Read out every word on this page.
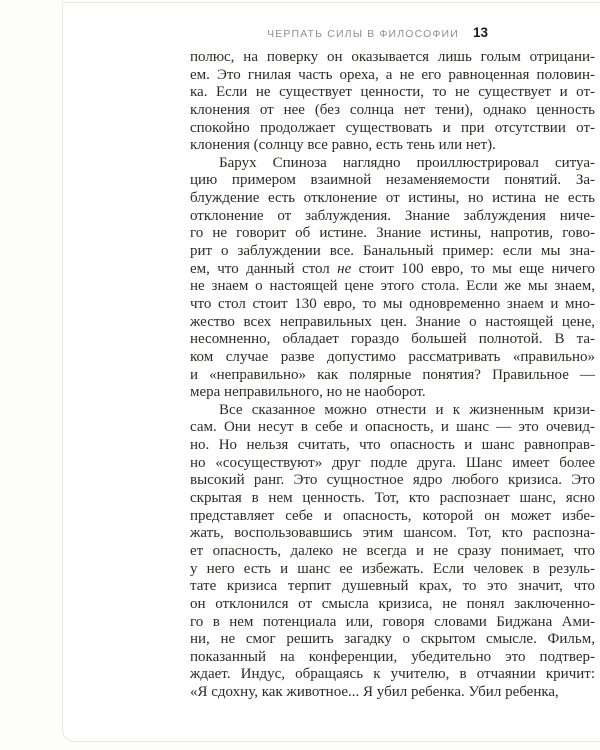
ЧЕРПАТЬ СИЛЫ В ФИЛОСОФИИ 13
полюс, на поверку он оказывается лишь голым отрицани-
ем. Это гнилая часть ореха, а не его равноценная половин-
ка. Если не существует ценности, то не существует и от-
клонения от нее (без солнца нет тени), однако ценность
спокойно продолжает существовать и при отсутствии от-
клонения (солнцу все равно, есть тень или нет).
Барух Спиноза наглядно проиллюстрировал ситуа-
цию примером взаимной незаменяемости понятий. За-
блуждение есть отклонение от истины, но истина не есть
отклонение от заблуждения. Знание заблуждения ниче-
го не говорит об истине. Знание истины, напротив, гово-
рит о заблуждении все. Банальный пример: если мы зна-
ем, что данный стол не стоит 100 евро, то мы еще ничего
не знаем о настоящей цене этого стола. Если же мы знаем,
что стол стоит 130 евро, то мы одновременно знаем и мно-
жество всех неправильных цен. Знание о настоящей цене,
несомненно, обладает гораздо большей полнотой. В та-
ком случае разве допустимо рассматривать «правильно»
и «неправильно» как полярные понятия? Правильное —
мера неправильного, но не наоборот.
Все сказанное можно отнести и к жизненным кризи-
сам. Они несут в себе и опасность, и шанс — это очевид-
но. Но нельзя считать, что опасность и шанс равноправ-
но «сосуществуют» друг подле друга. Шанс имеет более
высокий ранг. Это сущностное ядро любого кризиса. Это
скрытая в нем ценность. Тот, кто распознает шанс, ясно
представляет себе и опасность, которой он может избе-
жать, воспользовавшись этим шансом. Тот, кто распозна-
ет опасность, далеко не всегда и не сразу понимает, что
у него есть и шанс ее избежать. Если человек в резуль-
тате кризиса терпит душевный крах, то это значит, что
он отклонился от смысла кризиса, не понял заключенно-
го в нем потенциала или, говоря словами Биджана Ами-
ни, не смог решить загадку о скрытом смысле. Фильм,
показанный на конференции, убедительно это подтвер-
ждает. Индус, обращаясь к учителю, в отчаянии кричит:
«Я сдохну, как животное... Я убил ребенка. Убил ребенка,
